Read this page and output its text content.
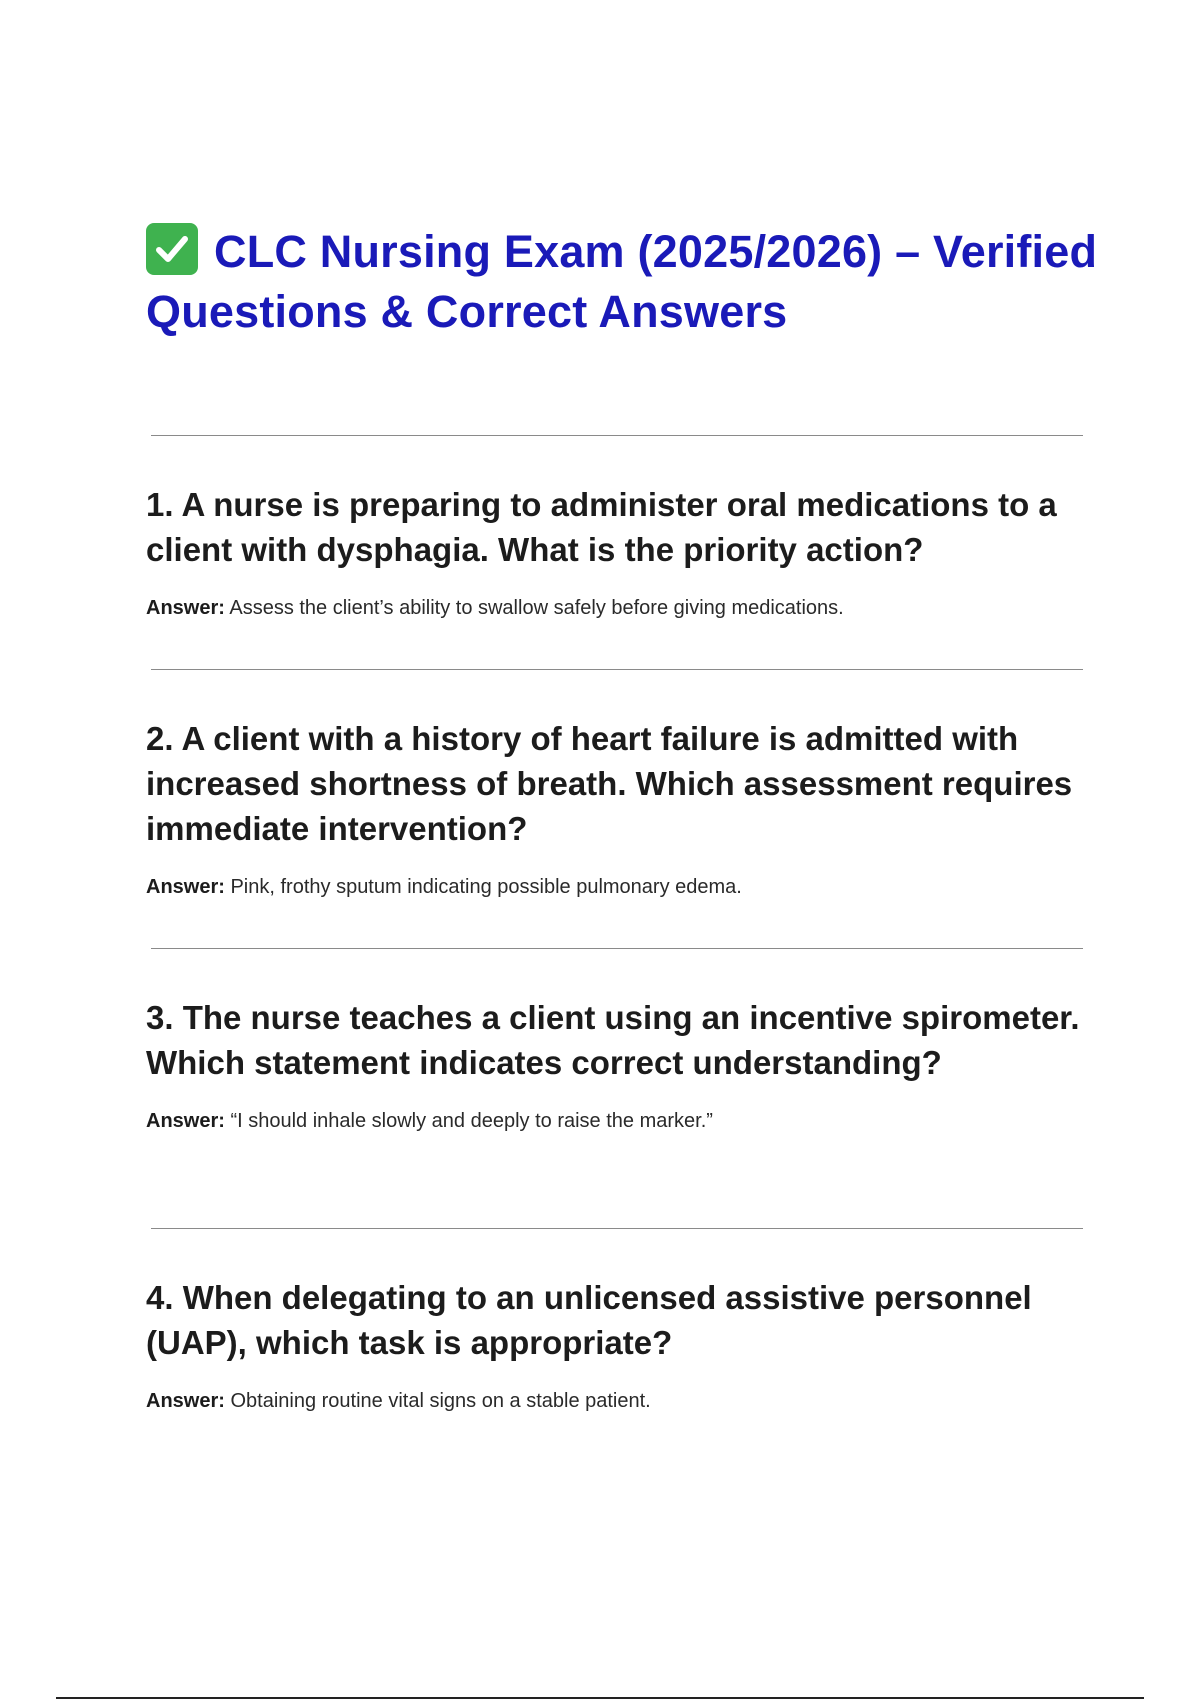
CLC Nursing Exam (2025/2026) – Verified Questions & Correct Answers

1. A nurse is preparing to administer oral medications to a client with dysphagia. What is the priority action?

Answer: Assess the client’s ability to swallow safely before giving medications.

2. A client with a history of heart failure is admitted with increased shortness of breath. Which assessment requires immediate intervention?

Answer: Pink, frothy sputum indicating possible pulmonary edema.

3. The nurse teaches a client using an incentive spirometer. Which statement indicates correct understanding?

Answer: “I should inhale slowly and deeply to raise the marker.”

4. When delegating to an unlicensed assistive personnel (UAP), which task is appropriate?

Answer: Obtaining routine vital signs on a stable patient.
